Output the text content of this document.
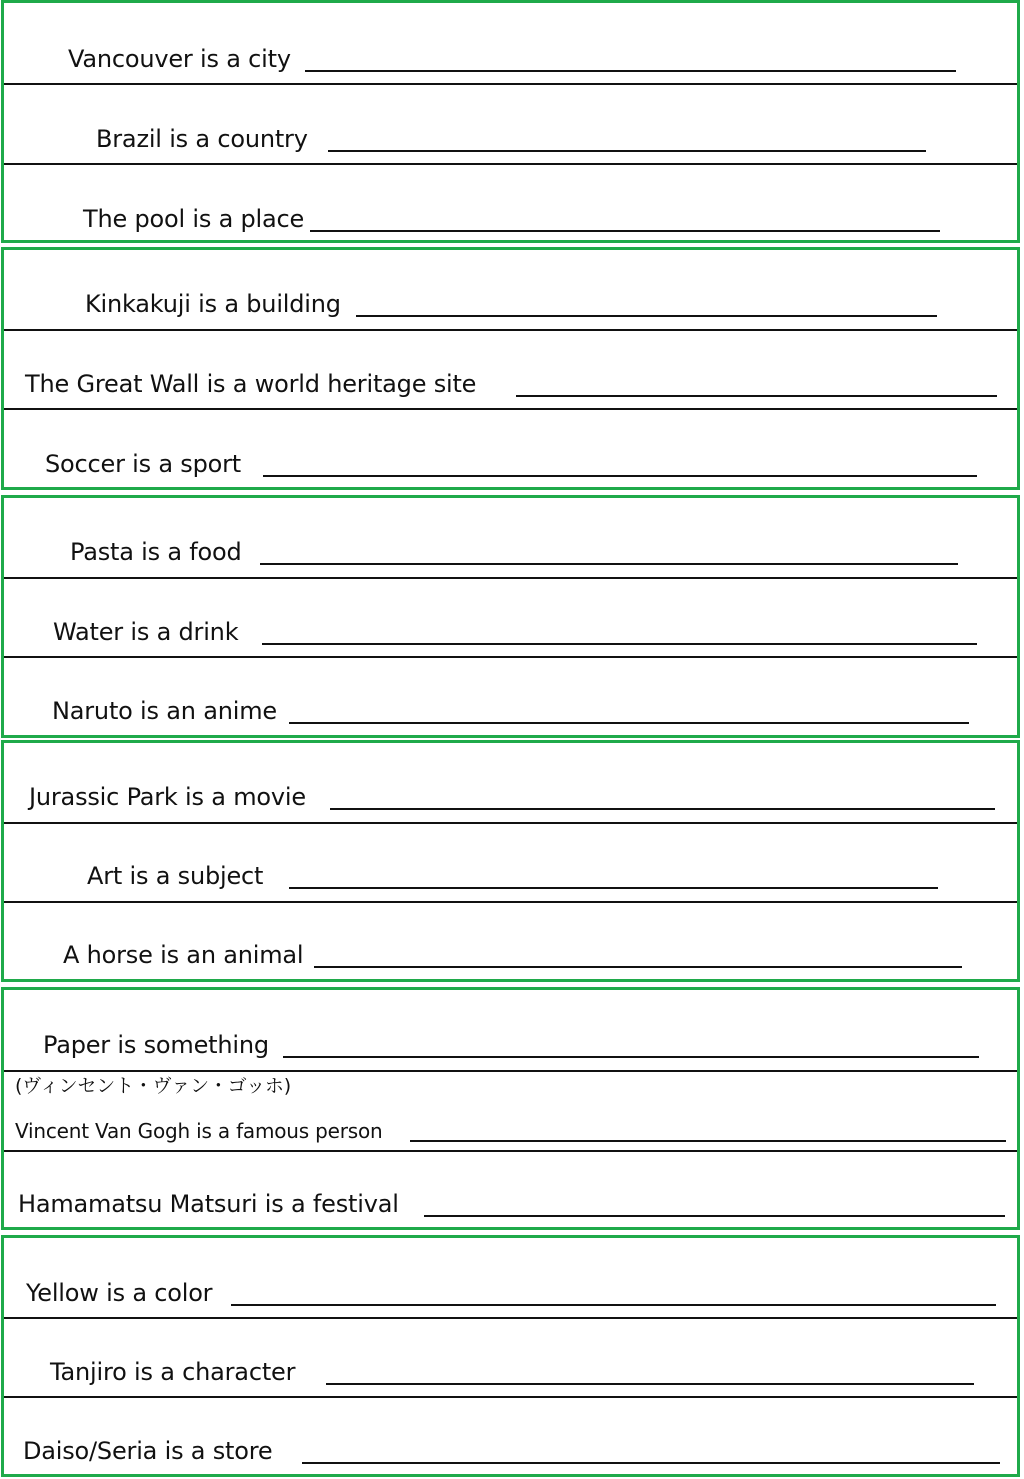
Vancouver is a city
Brazil is a country
The pool is a place
Kinkakuji is a building
The Great Wall is a world heritage site
Soccer is a sport
Pasta is a food
Water is a drink
Naruto is an anime
Jurassic Park is a movie
Art is a subject
A horse is an animal
Paper is something
(ヴィンセント・ヴァン・ゴッホ)
Vincent Van Gogh is a famous person
Hamamatsu Matsuri is a festival
Yellow is a color
Tanjiro is a character
Daiso/Seria is a store
